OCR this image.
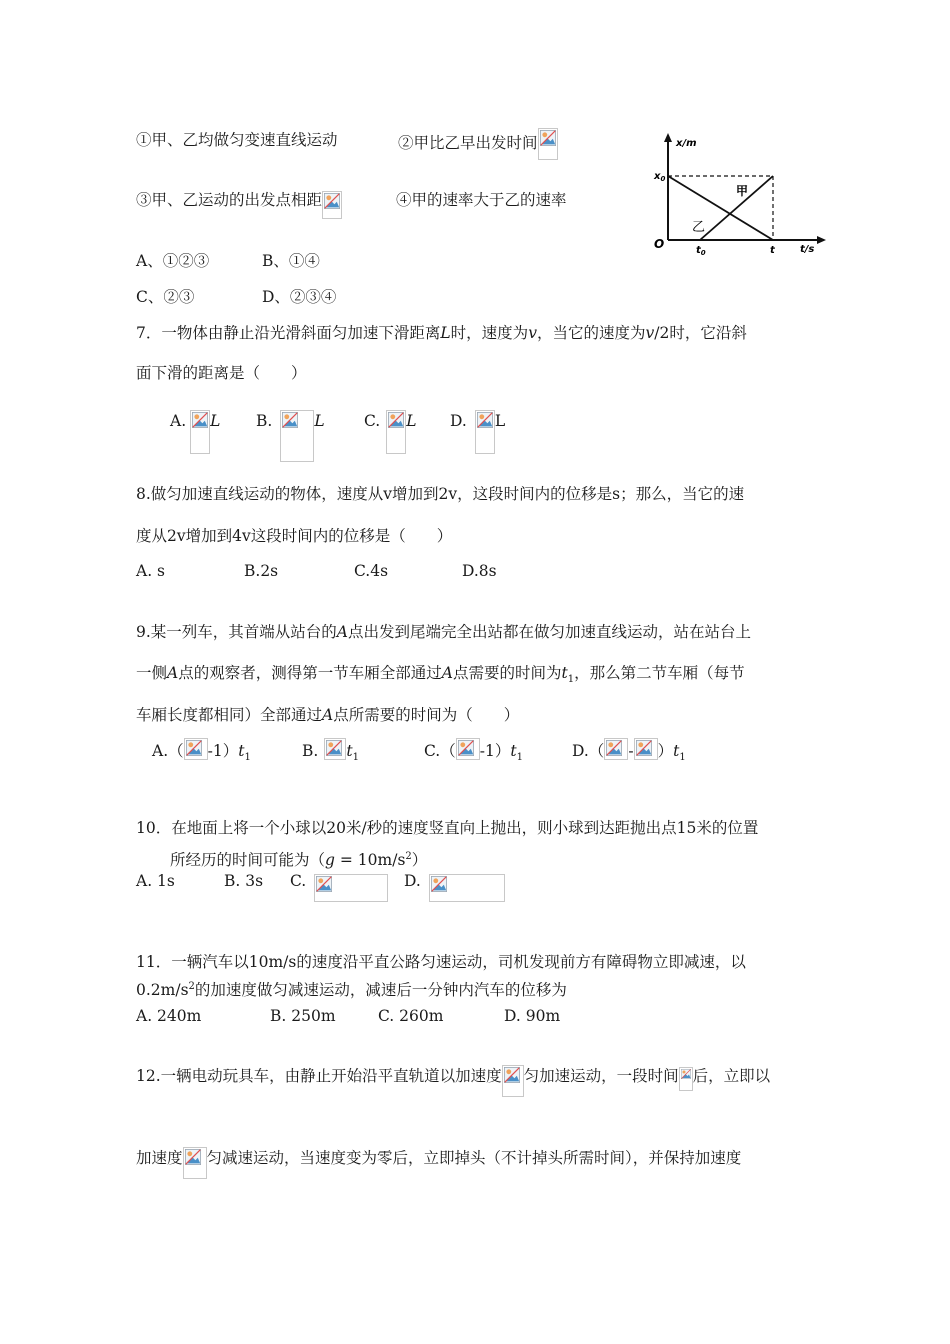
①甲、乙均做匀变速直线运动	②甲比乙早出发时间
③甲、乙运动的出发点相距	④甲的速率大于乙的速率
A、①②③	B、①④
C、②③	D、②③④
x/m
t/s
O
$x_0$
$t_0$	t
甲
乙
7．一物体由静止沿光滑斜面匀加速下滑距离L时，速度为v，当它的速度为v/2时，它沿斜
面下滑的距离是（　　）
A. L B.	L	C. L D. L
8.做匀加速直线运动的物体，速度从v增加到2v，这段时间内的位移是s；那么，当它的速
度从2v增加到4v这段时间内的位移是（　　）
A. s	B.2s	C.4s	D.8s
9.某一列车，其首端从站台的A点出发到尾端完全出站都在做匀加速直线运动，站在站台上
一侧A点的观察者，测得第一节车厢全部通过A点需要的时间为$t_1$，那么第二节车厢（每节
车厢长度都相同）全部通过A点所需要的时间为（　　）
A.（ $-1)t_1$	B. $t_1$	C.（ $-1)t_1$	$D.( - )t_1$
10．在地面上将一个小球以20米/秒的速度竖直向上抛出，则小球到达距抛出点15米的位置
所经历的时间可能为$(g = 10m/s^2)$
A. 1s	B. 3s C.	D.
11．一辆汽车以10m/s的速度沿平直公路匀速运动，司机发现前方有障碍物立即减速，以
$0.2m/s^2$的加速度做匀减速运动，减速后一分钟内汽车的位移为
A. 240m	B. 250m	C. 260m	D. 90m
12.一辆电动玩具车，由静止开始沿平直轨道以加速度 匀加速运动，一段时间 后，立即以
加速度 匀减速运动，当速度变为零后，立即掉头（不计掉头所需时间），并保持加速度
